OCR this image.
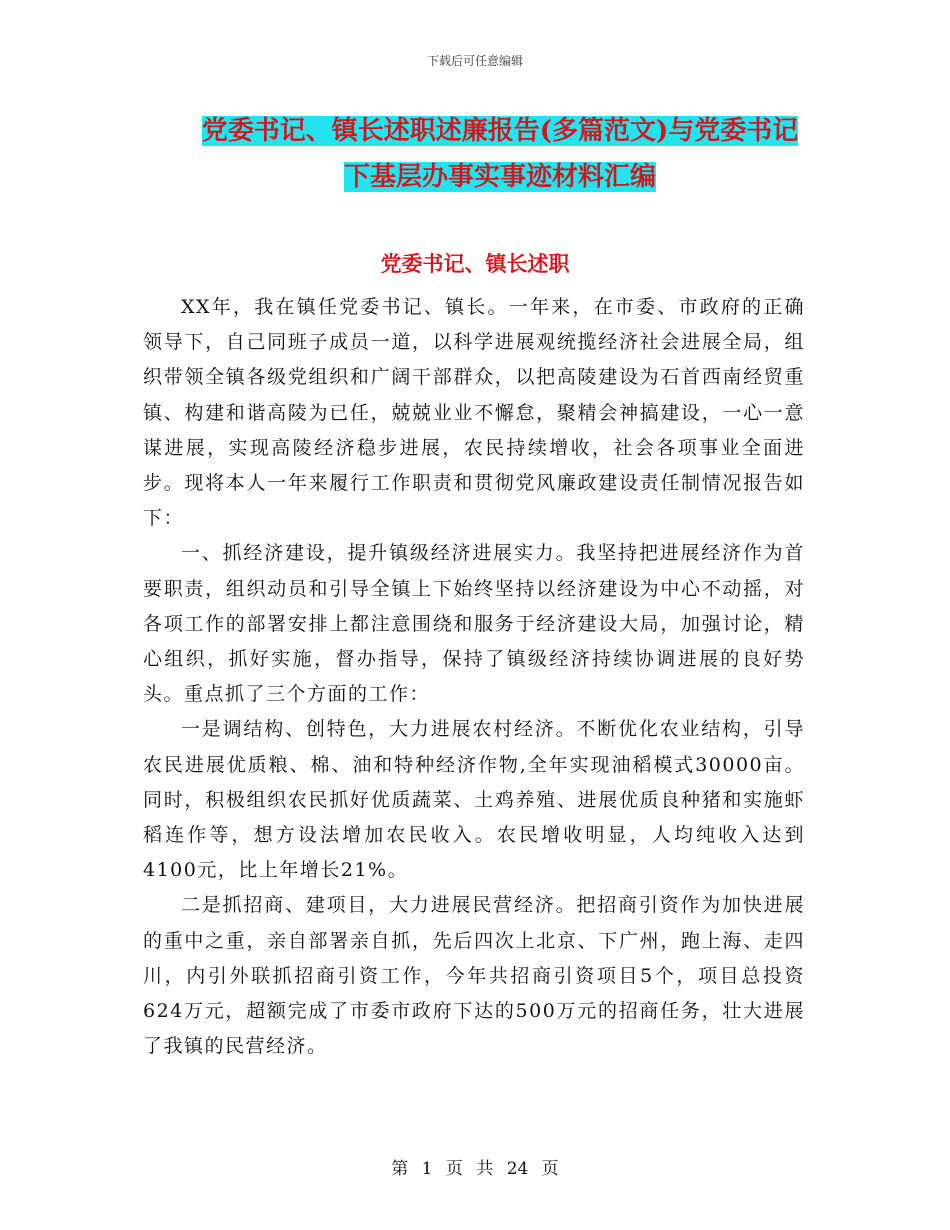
下载后可任意编辑
党委书记、镇长述职述廉报告(多篇范文)与党委书记
下基层办事实事迹材料汇编
党委书记、镇长述职

XX年，我在镇任党委书记、镇长。一年来，在市委、市政府的正确领导下，自己同班子成员一道，以科学进展观统揽经济社会进展全局，组织带领全镇各级党组织和广阔干部群众，以把高陵建设为石首西南经贸重镇、构建和谐高陵为已任，兢兢业业不懈怠，聚精会神搞建设，一心一意谋进展，实现高陵经济稳步进展，农民持续增收，社会各项事业全面进步。现将本人一年来履行工作职责和贯彻党风廉政建设责任制情况报告如下：

一、抓经济建设，提升镇级经济进展实力。我坚持把进展经济作为首要职责，组织动员和引导全镇上下始终坚持以经济建设为中心不动摇，对各项工作的部署安排上都注意围绕和服务于经济建设大局，加强讨论，精心组织，抓好实施，督办指导，保持了镇级经济持续协调进展的良好势头。重点抓了三个方面的工作：

一是调结构、创特色，大力进展农村经济。不断优化农业结构，引导农民进展优质粮、棉、油和特种经济作物,全年实现油稻模式30000亩。同时，积极组织农民抓好优质蔬菜、土鸡养殖、进展优质良种猪和实施虾稻连作等，想方设法增加农民收入。农民增收明显，人均纯收入达到4100元，比上年增长21%。

二是抓招商、建项目，大力进展民营经济。把招商引资作为加快进展的重中之重，亲自部署亲自抓，先后四次上北京、下广州，跑上海、走四川，内引外联抓招商引资工作，今年共招商引资项目5个，项目总投资624万元，超额完成了市委市政府下达的500万元的招商任务，壮大进展了我镇的民营经济。

第 1 页 共 24 页
